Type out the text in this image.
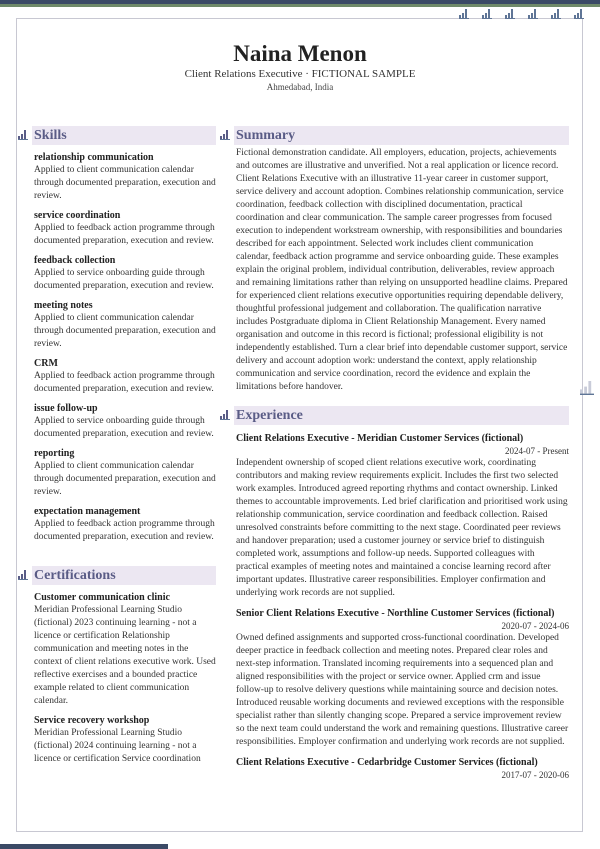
Naina Menon
Client Relations Executive · FICTIONAL SAMPLE
Ahmedabad, India
Skills
relationship communication
Applied to client communication calendar through documented preparation, execution and review.
service coordination
Applied to feedback action programme through documented preparation, execution and review.
feedback collection
Applied to service onboarding guide through documented preparation, execution and review.
meeting notes
Applied to client communication calendar through documented preparation, execution and review.
CRM
Applied to feedback action programme through documented preparation, execution and review.
issue follow-up
Applied to service onboarding guide through documented preparation, execution and review.
reporting
Applied to client communication calendar through documented preparation, execution and review.
expectation management
Applied to feedback action programme through documented preparation, execution and review.
Certifications
Customer communication clinic
Meridian Professional Learning Studio (fictional) 2023 continuing learning - not a licence or certification Relationship communication and meeting notes in the context of client relations executive work. Used reflective exercises and a bounded practice example related to client communication calendar.
Service recovery workshop
Meridian Professional Learning Studio (fictional) 2024 continuing learning - not a licence or certification Service coordination
Summary
Fictional demonstration candidate. All employers, education, projects, achievements and outcomes are illustrative and unverified. Not a real application or licence record. Client Relations Executive with an illustrative 11-year career in customer support, service delivery and account adoption. Combines relationship communication, service coordination, feedback collection with disciplined documentation, practical coordination and clear communication. The sample career progresses from focused execution to independent workstream ownership, with responsibilities and boundaries described for each appointment. Selected work includes client communication calendar, feedback action programme and service onboarding guide. These examples explain the original problem, individual contribution, deliverables, review approach and remaining limitations rather than relying on unsupported headline claims. Prepared for experienced client relations executive opportunities requiring dependable delivery, thoughtful professional judgement and collaboration. The qualification narrative includes Postgraduate diploma in Client Relationship Management. Every named organisation and outcome in this record is fictional; professional eligibility is not independently established. Turn a clear brief into dependable customer support, service delivery and account adoption work: understand the context, apply relationship communication and service coordination, record the evidence and explain the limitations before handover.
Experience
Client Relations Executive - Meridian Customer Services (fictional)
2024-07 - Present
Independent ownership of scoped client relations executive work, coordinating contributors and making review requirements explicit. Includes the first two selected work examples. Introduced agreed reporting rhythms and contact ownership. Linked themes to accountable improvements. Led brief clarification and prioritised work using relationship communication, service coordination and feedback collection. Raised unresolved constraints before committing to the next stage. Coordinated peer reviews and handover preparation; used a customer journey or service brief to distinguish completed work, assumptions and follow-up needs. Supported colleagues with practical examples of meeting notes and maintained a concise learning record after important updates. Illustrative career responsibilities. Employer confirmation and underlying work records are not supplied.
Senior Client Relations Executive - Northline Customer Services (fictional)
2020-07 - 2024-06
Owned defined assignments and supported cross-functional coordination. Developed deeper practice in feedback collection and meeting notes. Prepared clear roles and next-step information. Translated incoming requirements into a sequenced plan and aligned responsibilities with the project or service owner. Applied crm and issue follow-up to resolve delivery questions while maintaining source and decision notes. Introduced reusable working documents and reviewed exceptions with the responsible specialist rather than silently changing scope. Prepared a service improvement review so the next team could understand the work and remaining questions. Illustrative career responsibilities. Employer confirmation and underlying work records are not supplied.
Client Relations Executive - Cedarbridge Customer Services (fictional)
2017-07 - 2020-06
